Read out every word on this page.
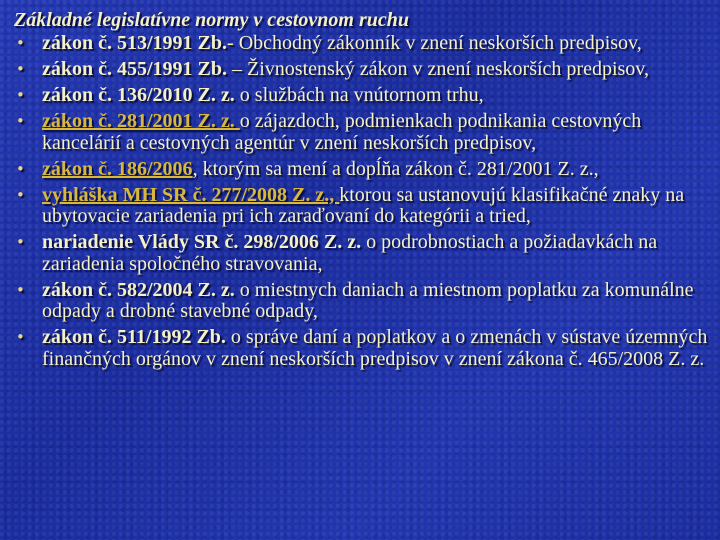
Základné legislatívne normy v cestovnom ruchu
• zákon č. 513/1991 Zb.- Obchodný zákonník v znení neskorších predpisov,
• zákon č. 455/1991 Zb. – Živnostenský zákon v znení neskorších predpisov,
• zákon č. 136/2010 Z. z. o službách na vnútornom trhu,
• zákon č. 281/2001 Z. z. o zájazdoch, podmienkach podnikania cestovných kancelárií a cestovných agentúr v znení neskorších predpisov,
• zákon č. 186/2006, ktorým sa mení a dopĺňa zákon č. 281/2001 Z. z.,
• vyhláška MH SR č. 277/2008 Z. z., ktorou sa ustanovujú klasifikačné znaky na ubytovacie zariadenia pri ich zaraďovaní do kategórii a tried,
• nariadenie Vlády SR č. 298/2006 Z. z. o podrobnostiach a požiadavkách na zariadenia spoločného stravovania,
• zákon č. 582/2004 Z. z. o miestnych daniach a miestnom poplatku za komunálne odpady a drobné stavebné odpady,
• zákon č. 511/1992 Zb. o správe daní a poplatkov a o zmenách v sústave územných finančných orgánov v znení neskorších predpisov v znení zákona č. 465/2008 Z. z.
